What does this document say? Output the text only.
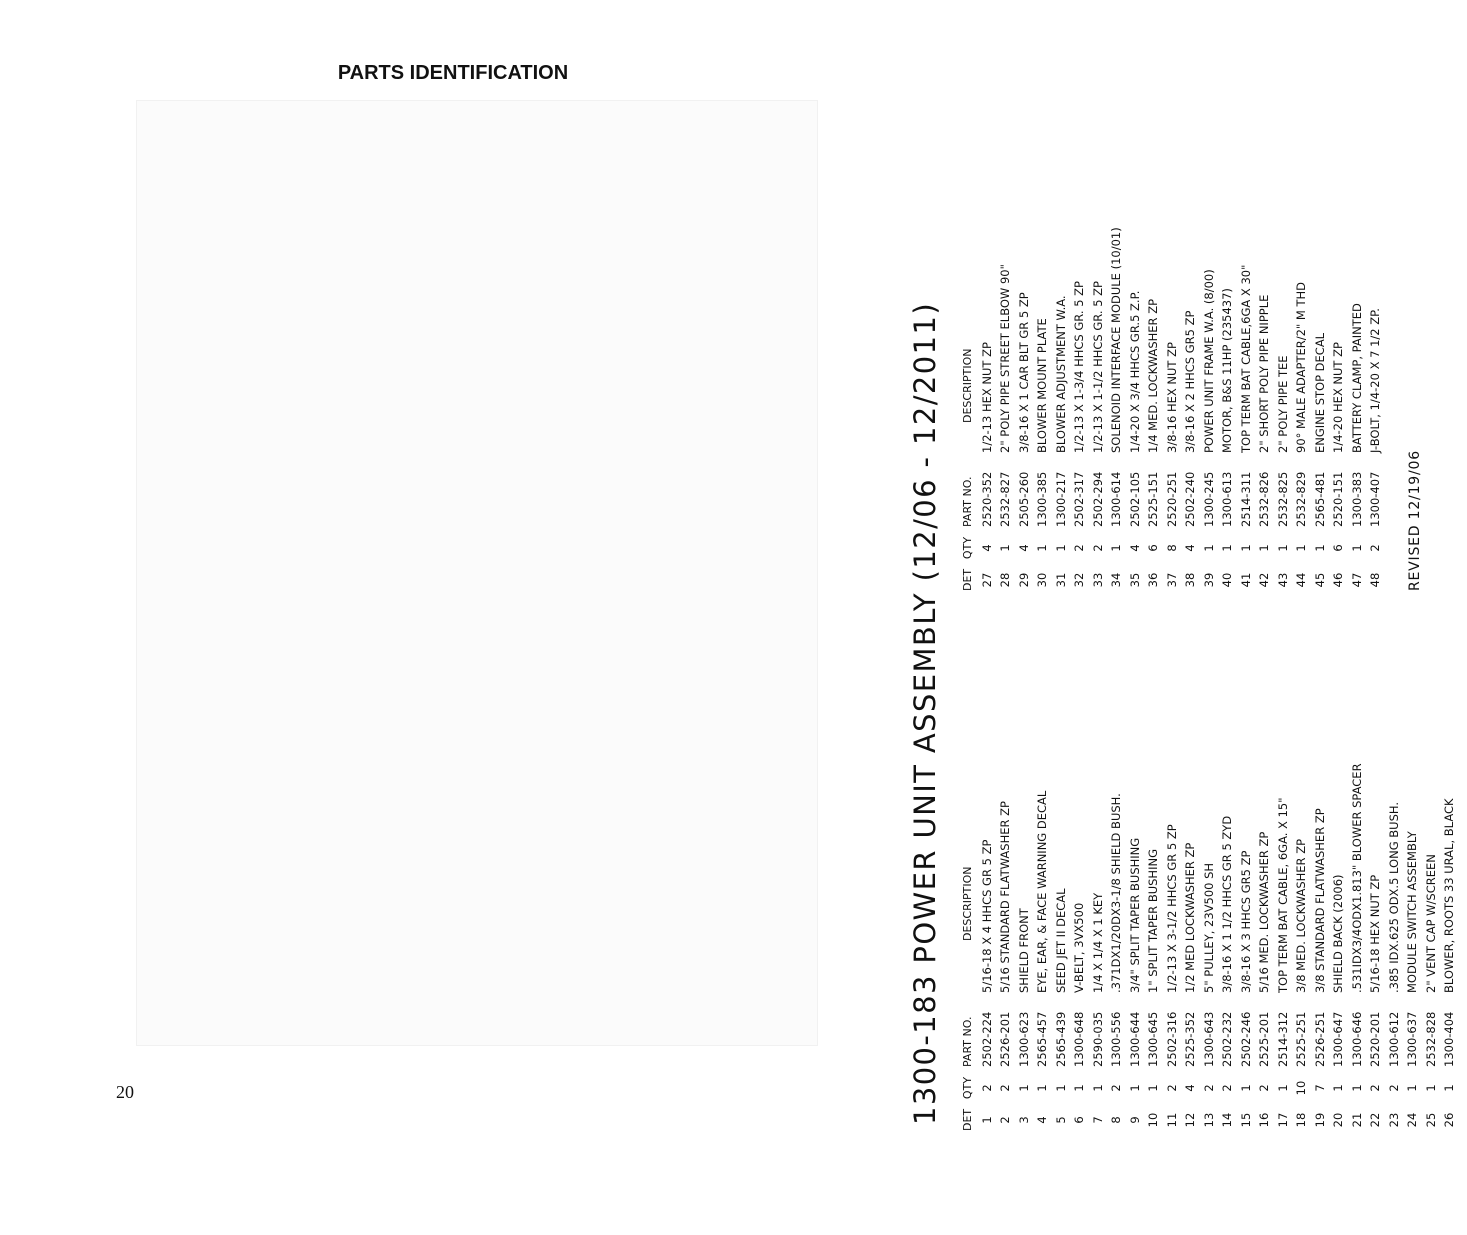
PARTS IDENTIFICATION
1300-183 POWER UNIT ASSEMBLY (12/06 - 12/2011) DET
QTY
PART NO.
DESCRIPTION
1
2
2502-224
5/16-18 X 4 HHCS GR 5 ZP
2
2
2526-201
5/16 STANDARD FLATWASHER ZP
3
1
1300-623
SHIELD FRONT
4
1
2565-457
EYE, EAR, & FACE WARNING DECAL
5
1
2565-439
SEED JET II DECAL
6
1
1300-648
V-BELT, 3VX500
7
1
2590-035
1/4 X 1/4 X 1 KEY
8
2
1300-556
.371DX1/20DX3-1/8 SHIELD BUSH.
9
1
1300-644
3/4" SPLIT TAPER BUSHING
10
1
1300-645
1" SPLIT TAPER BUSHING
11
2
2502-316
1/2-13 X 3-1/2 HHCS GR 5 ZP
12
4
2525-352
1/2 MED LOCKWASHER ZP
13
2
1300-643
5" PULLEY, 23V500 SH
14
2
2502-232
3/8-16 X 1 1/2 HHCS GR 5 ZYD
15
1
2502-246
3/8-16 X 3 HHCS GR5 ZP
16
2
2525-201
5/16 MED. LOCKWASHER ZP
17
1
2514-312
TOP TERM BAT CABLE, 6GA. X 15"
18
10
2525-251
3/8 MED. LOCKWASHER ZP
19
7
2526-251
3/8 STANDARD FLATWASHER ZP
20
1
1300-647
SHIELD BACK (2006)
21
1
1300-646
.531IDX3/4ODX1.813" BLOWER SPACER
22
2
2520-201
5/16-18 HEX NUT ZP
23
2
1300-612
.385 IDX.625 ODX.5 LONG BUSH.
24
1
1300-637
MODULE SWITCH ASSEMBLY
25
1
2532-828
2" VENT CAP W/SCREEN
26
1
1300-404
BLOWER, ROOTS 33 URAL, BLACK
DET
QTY
PART NO.
DESCRIPTION
27
4
2520-352
1/2-13 HEX NUT ZP
28
1
2532-827
2" POLY PIPE STREET ELBOW 90"
29
4
2505-260
3/8-16 X 1 CAR BLT GR 5 ZP
30
1
1300-385
BLOWER MOUNT PLATE
31
1
1300-217
BLOWER ADJUSTMENT W.A.
32
2
2502-317
1/2-13 X 1-3/4 HHCS GR. 5 ZP
33
2
2502-294
1/2-13 X 1-1/2 HHCS GR. 5 ZP
34
1
1300-614
SOLENOID INTERFACE MODULE (10/01)
35
4
2502-105
1/4-20 X 3/4 HHCS GR.5 Z.P.
36
6
2525-151
1/4 MED. LOCKWASHER ZP
37
8
2520-251
3/8-16 HEX NUT ZP
38
4
2502-240
3/8-16 X 2 HHCS GR5 ZP
39
1
1300-245
POWER UNIT FRAME W.A. (8/00)
40
1
1300-613
MOTOR, B&S 11HP (235437)
41
1
2514-311
TOP TERM BAT CABLE,6GA X 30"
42
1
2532-826
2" SHORT POLY PIPE NIPPLE
43
1
2532-825
2" POLY PIPE TEE
44
1
2532-829
90° MALE ADAPTER/2" M THD
45
1
2565-481
ENGINE STOP DECAL
46
6
2520-151
1/4-20 HEX NUT ZP
47
1
1300-383
BATTERY CLAMP, PAINTED
48
2
1300-407
J-BOLT, 1/4-20 X 7 1/2 ZP.
REVISED 12/19/06
20
